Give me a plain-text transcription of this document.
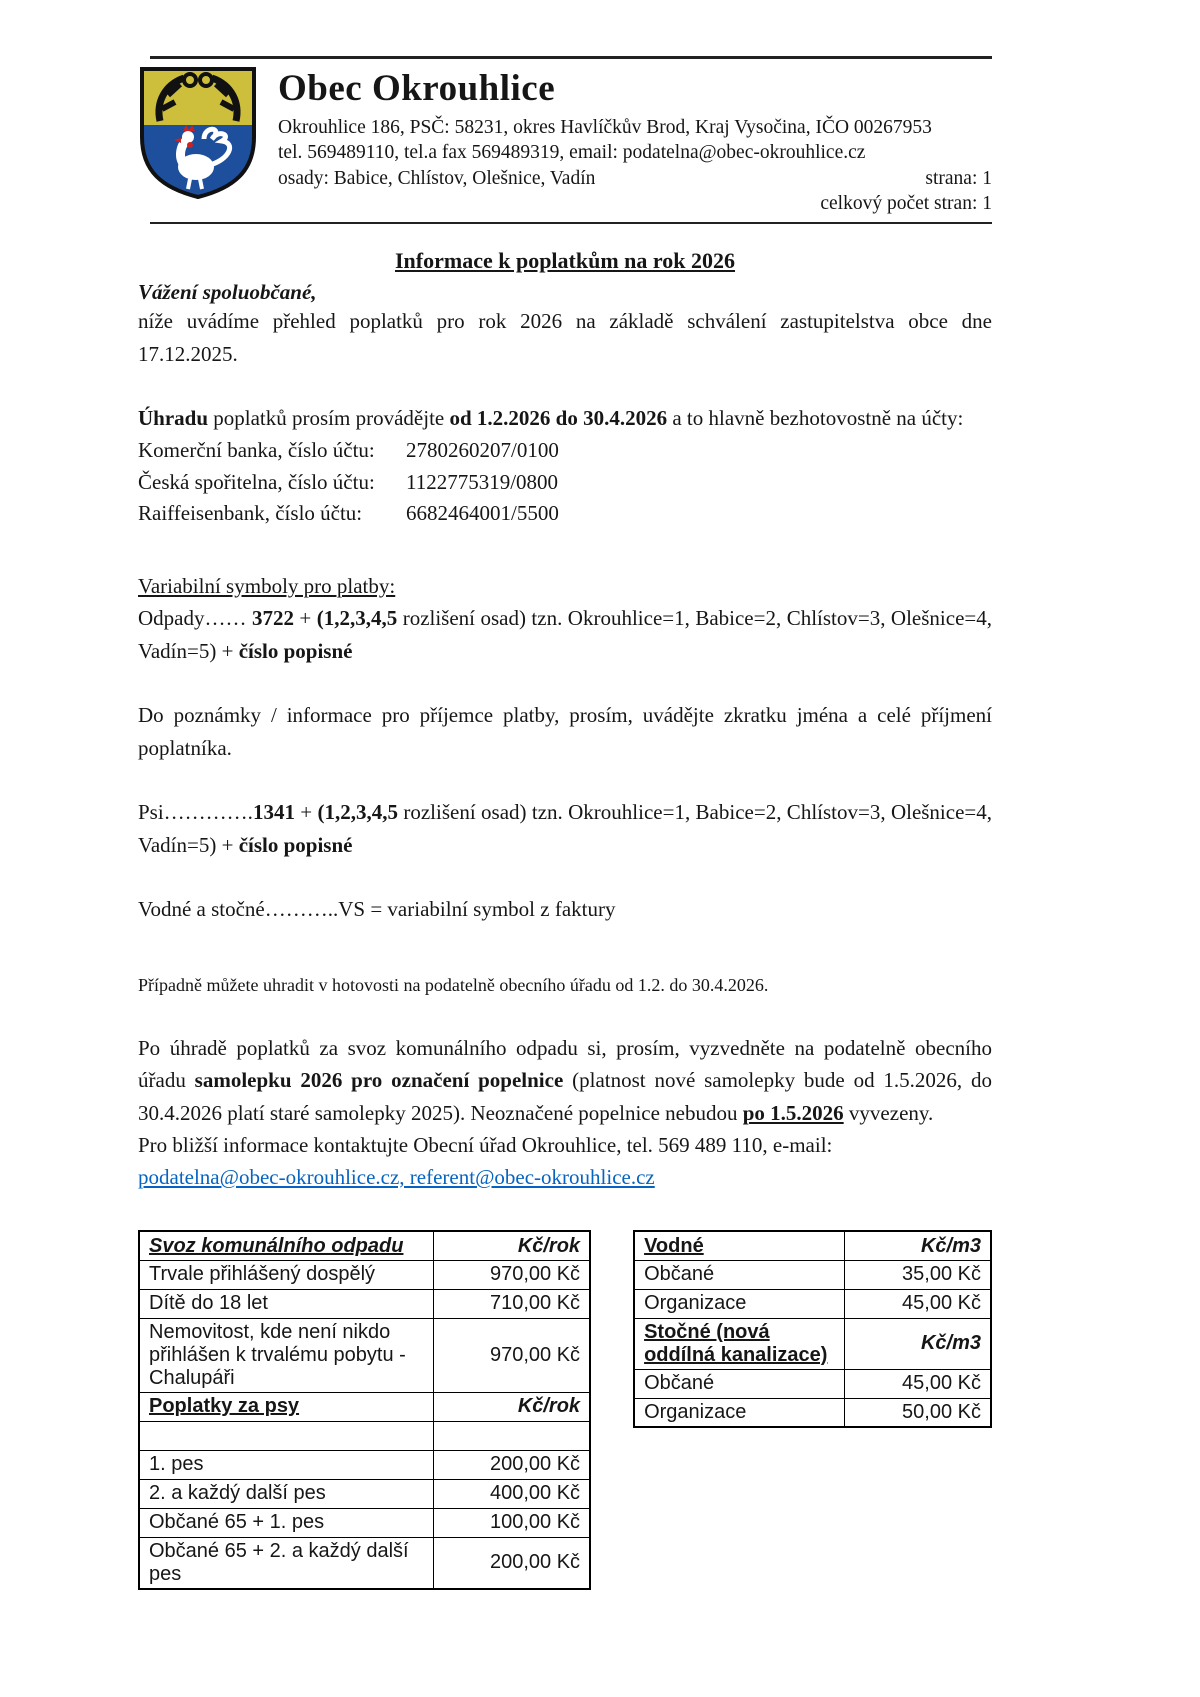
Obec Okrouhlice
Okrouhlice 186, PSČ: 58231, okres Havlíčkův Brod, Kraj Vysočina, IČO 00267953
tel. 569489110, tel.a fax 569489319, email: podatelna@obec-okrouhlice.cz
osady: Babice, Chlístov, Olešnice, Vadín	strana: 1
celkový počet stran: 1
Informace k poplatkům na rok 2026
Vážení spoluobčané,

níže uvádíme přehled poplatků pro rok 2026 na základě schválení zastupitelstva obce dne 17.12.2025.

Úhradu poplatků prosím provádějte od 1.2.2026 do 30.4.2026 a to hlavně bezhotovostně na účty:

Komerční banka, číslo účtu:	2780260207/0100
Česká spořitelna, číslo účtu:	1122775319/0800
Raiffeisenbank, číslo účtu:	6682464001/5500

Variabilní symboly pro platby:

Odpady…… 3722 + (1,2,3,4,5 rozlišení osad) tzn. Okrouhlice=1, Babice=2, Chlístov=3, Olešnice=4, Vadín=5) + číslo popisné

Do poznámky / informace pro příjemce platby, prosím, uvádějte zkratku jména a celé příjmení poplatníka.

Psi………….1341 + (1,2,3,4,5 rozlišení osad) tzn. Okrouhlice=1, Babice=2, Chlístov=3, Olešnice=4, Vadín=5) + číslo popisné

Vodné a stočné………..VS = variabilní symbol z faktury

Případně můžete uhradit v hotovosti na podatelně obecního úřadu od 1.2. do 30.4.2026.

Po úhradě poplatků za svoz komunálního odpadu si, prosím, vyzvedněte na podatelně obecního úřadu samolepku 2026 pro označení popelnice (platnost nové samolepky bude od 1.5.2026, do 30.4.2026 platí staré samolepky 2025). Neoznačené popelnice nebudou po 1.5.2026 vyvezeny.

Pro bližší informace kontaktujte Obecní úřad Okrouhlice, tel. 569 489 110, e-mail:

podatelna@obec-okrouhlice.cz, referent@obec-okrouhlice.cz
Svoz komunálního odpadu	Kč/rok
Trvale přihlášený dospělý	970,00 Kč
Dítě do 18 let	710,00 Kč
Nemovitost, kde není nikdo přihlášen k trvalému pobytu - Chalupáři	970,00 Kč
Poplatky za psy	Kč/rok

1. pes	200,00 Kč
2. a každý další pes	400,00 Kč
Občané 65 + 1. pes	100,00 Kč
Občané 65 + 2. a každý další pes	200,00 Kč
Vodné	Kč/m3
Občané	35,00 Kč
Organizace	45,00 Kč
Stočné (nová oddílná kanalizace)	Kč/m3
Občané	45,00 Kč
Organizace	50,00 Kč
